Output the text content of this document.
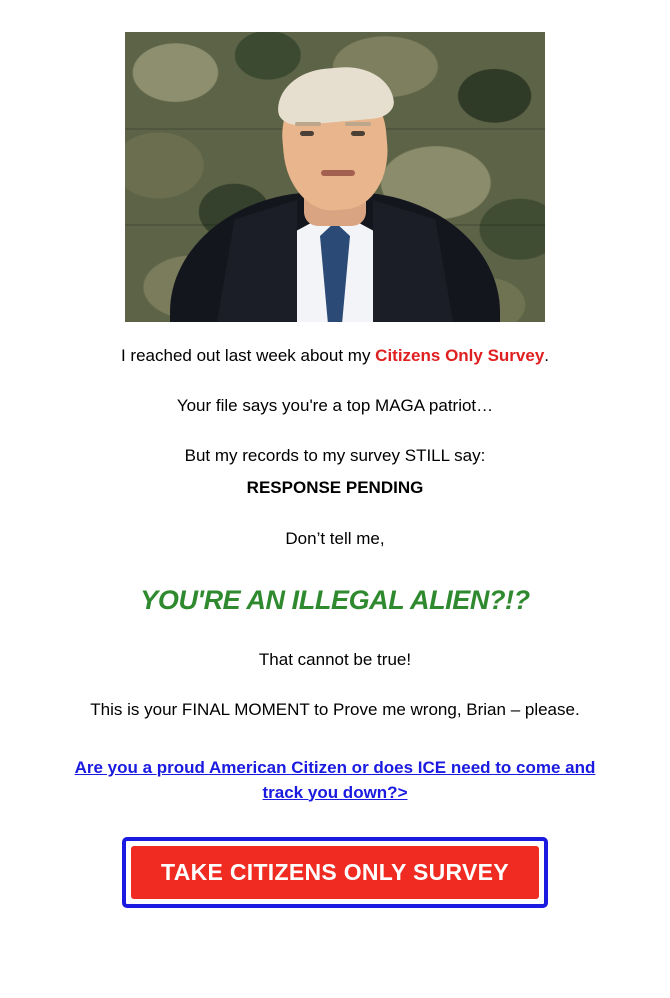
I reached out last week about my Citizens Only Survey.

Your file says you're a top MAGA patriot…

But my records to my survey STILL say:

RESPONSE PENDING

Don’t tell me,

YOU'RE AN ILLEGAL ALIEN?!?

That cannot be true!

This is your FINAL MOMENT to Prove me wrong, Brian – please.

Are you a proud American Citizen or does ICE need to come and track you down?>
TAKE CITIZENS ONLY SURVEY
